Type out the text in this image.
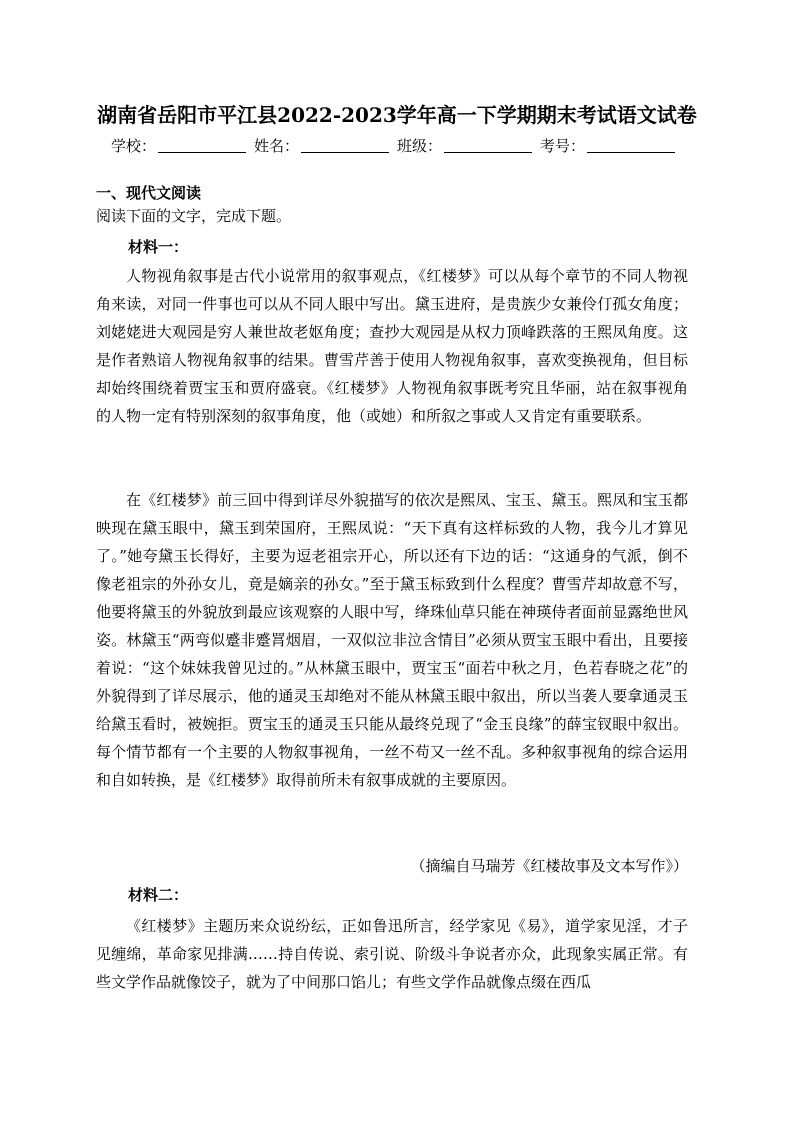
湖南省岳阳市平江县2022-2023学年高一下学期期末考试语文试卷
学校：	姓名：	班级：	考号：
一、现代文阅读
阅读下面的文字，完成下题。
材料一：
人物视角叙事是古代小说常用的叙事观点，《红楼梦》可以从每个章节的不同人物视角来读，对同一件事也可以从不同人眼中写出。黛玉进府，是贵族少女兼伶仃孤女角度；刘姥姥进大观园是穷人兼世故老妪角度；查抄大观园是从权力顶峰跌落的王熙凤角度。这是作者熟谙人物视角叙事的结果。曹雪芹善于使用人物视角叙事，喜欢变换视角，但目标却始终围绕着贾宝玉和贾府盛衰。《红楼梦》人物视角叙事既考究且华丽，站在叙事视角的人物一定有特别深刻的叙事角度，他（或她）和所叙之事或人又肯定有重要联系。
在《红楼梦》前三回中得到详尽外貌描写的依次是熙凤、宝玉、黛玉。熙凤和宝玉都映现在黛玉眼中，黛玉到荣国府，王熙凤说：“天下真有这样标致的人物，我今儿才算见了。”她夸黛玉长得好，主要为逗老祖宗开心，所以还有下边的话：“这通身的气派，倒不像老祖宗的外孙女儿，竟是嫡亲的孙女。”至于黛玉标致到什么程度？曹雪芹却故意不写，他要将黛玉的外貌放到最应该观察的人眼中写，绛珠仙草只能在神瑛侍者面前显露绝世风姿。林黛玉“两弯似蹙非蹙罥烟眉，一双似泣非泣含情目”必须从贾宝玉眼中看出，且要接着说：“这个妹妹我曾见过的。”从林黛玉眼中，贾宝玉“面若中秋之月，色若春晓之花”的外貌得到了详尽展示，他的通灵玉却绝对不能从林黛玉眼中叙出，所以当袭人要拿通灵玉给黛玉看时，被婉拒。贾宝玉的通灵玉只能从最终兑现了“金玉良缘”的薛宝钗眼中叙出。每个情节都有一个主要的人物叙事视角，一丝不苟又一丝不乱。多种叙事视角的综合运用和自如转换，是《红楼梦》取得前所未有叙事成就的主要原因。
（摘编自马瑞芳《红楼故事及文本写作》）
材料二：
《红楼梦》主题历来众说纷纭，正如鲁迅所言，经学家见《易》，道学家见淫，才子见缠绵，革命家见排满……持自传说、索引说、阶级斗争说者亦众，此现象实属正常。有些文学作品就像饺子，就为了中间那口馅儿；有些文学作品就像点缀在西瓜
